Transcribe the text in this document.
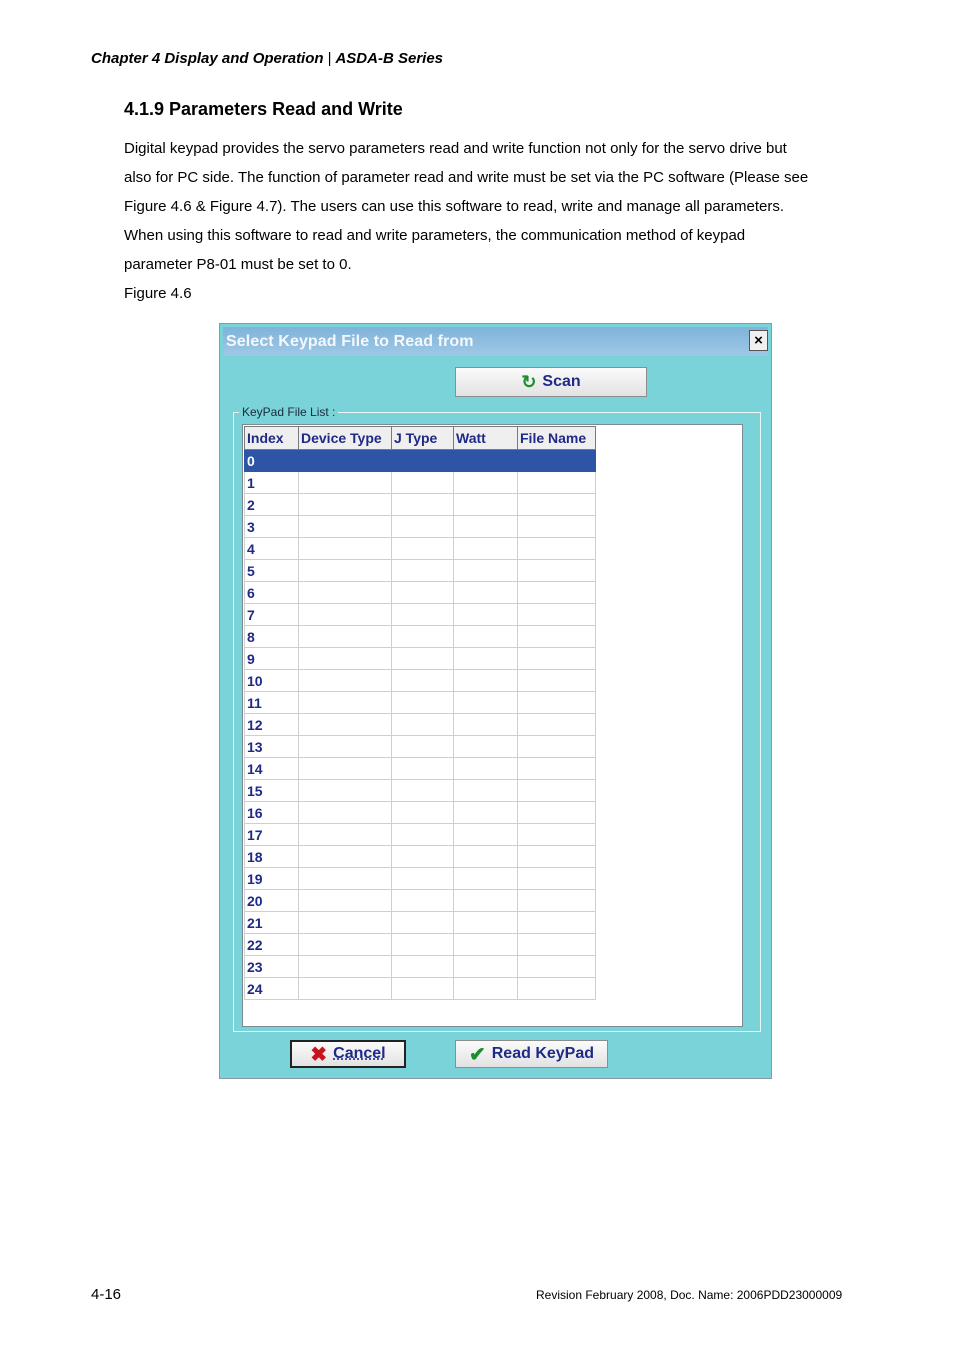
Chapter 4 Display and Operation | ASDA-B Series
4.1.9 Parameters Read and Write
Digital keypad provides the servo parameters read and write function not only for the servo drive but
also for PC side. The function of parameter read and write must be set via the PC software (Please see
Figure 4.6 & Figure 4.7). The users can use this software to read, write and manage all parameters.
When using this software to read and write parameters, the communication method of keypad
parameter P8-01 must be set to 0.
Figure 4.6
Select Keypad File to Read from	×
↻ Scan
KeyPad File List :
Index	Device Type	J Type	Watt	File Name
0				
1				
2				
3				
4				
5				
6				
7				
8				
9				
10				
11				
12				
13				
14				
15				
16				
17				
18				
19				
20				
21				
22				
23				
24				
✖ Cancel	✔ Read KeyPad
4-16	Revision February 2008, Doc. Name: 2006PDD23000009
